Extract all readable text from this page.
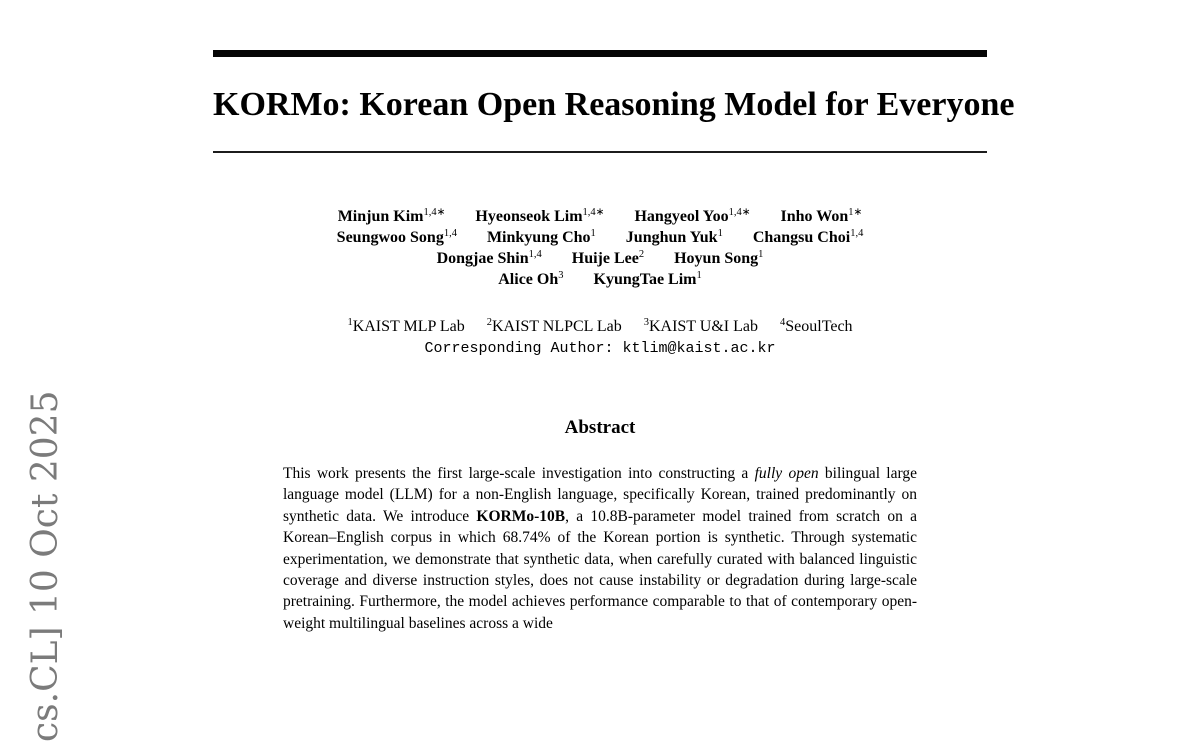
cs.CL] 10 Oct 2025
KORMo: Korean Open Reasoning Model for Everyone
Minjun Kim$^{1,4∗}$ Hyeonseok Lim$^{1,4∗}$ Hangyeol Yoo$^{1,4∗}$ Inho Won$^{1∗}$
Seungwoo Song$^{1,4}$ Minkyung Cho$^1$ Junghun Yuk$^1$ Changsu Choi$^{1,4}$
Dongjae Shin$^{1,4}$ Huije Lee$^2$ Hoyun Song$^1$
Alice Oh$^3$ KyungTae Lim$^1$
$^1$KAIST MLP Lab $^2$KAIST NLPCL Lab $^3$KAIST U&I Lab $^4$SeoulTech
Corresponding Author: ktlim@kaist.ac.kr
Abstract

This work presents the first large-scale investigation into constructing a fully open bilingual large language model (LLM) for a non-English language, specifically Korean, trained predominantly on synthetic data. We introduce KORMo-10B, a 10.8B-parameter model trained from scratch on a Korean–English corpus in which 68.74% of the Korean portion is synthetic. Through systematic experimentation, we demonstrate that synthetic data, when carefully curated with balanced linguistic coverage and diverse instruction styles, does not cause instability or degradation during large-scale pretraining. Furthermore, the model achieves performance comparable to that of contemporary open-weight multilingual baselines across a wide
